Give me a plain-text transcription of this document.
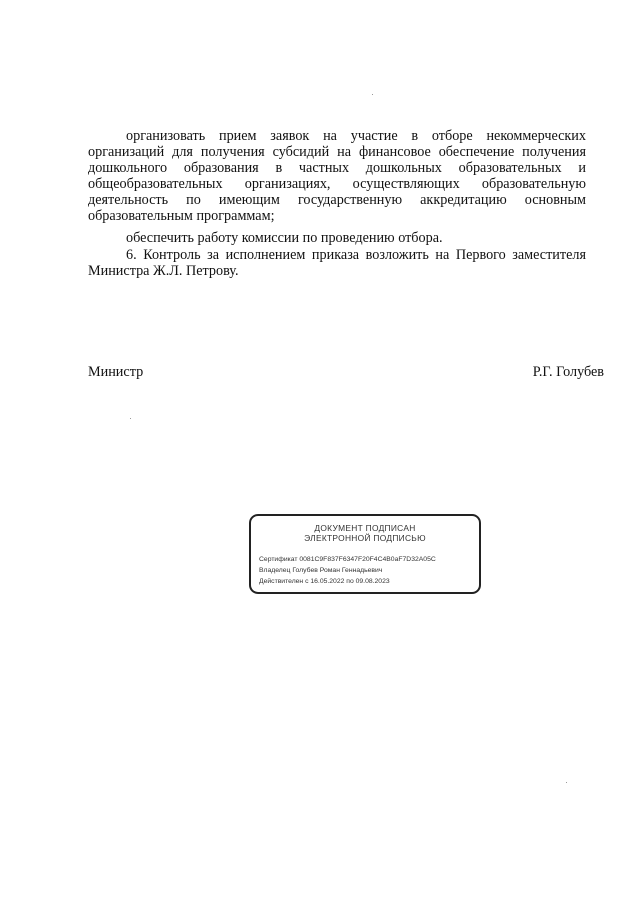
организовать прием заявок на участие в отборе некоммерческих
организаций для получения субсидий на финансовое обеспечение получения
дошкольного образования в частных дошкольных образовательных и
общеобразовательных организациях, осуществляющих образовательную
деятельность по имеющим государственную аккредитацию основным
образовательным программам;
обеспечить работу комиссии по проведению отбора.
6. Контроль за исполнением приказа возложить на Первого заместителя
Министра Ж.Л. Петрову.
Министр	Р.Г. Голубев
ДОКУМЕНТ ПОДПИСАН
ЭЛЕКТРОННОЙ ПОДПИСЬЮ
Сертификат 0081C9F837F6347F20F4C4B0aF7D32A05C
Владелец Голубев Роман Геннадьевич
Действителен с 16.05.2022 по 09.08.2023
